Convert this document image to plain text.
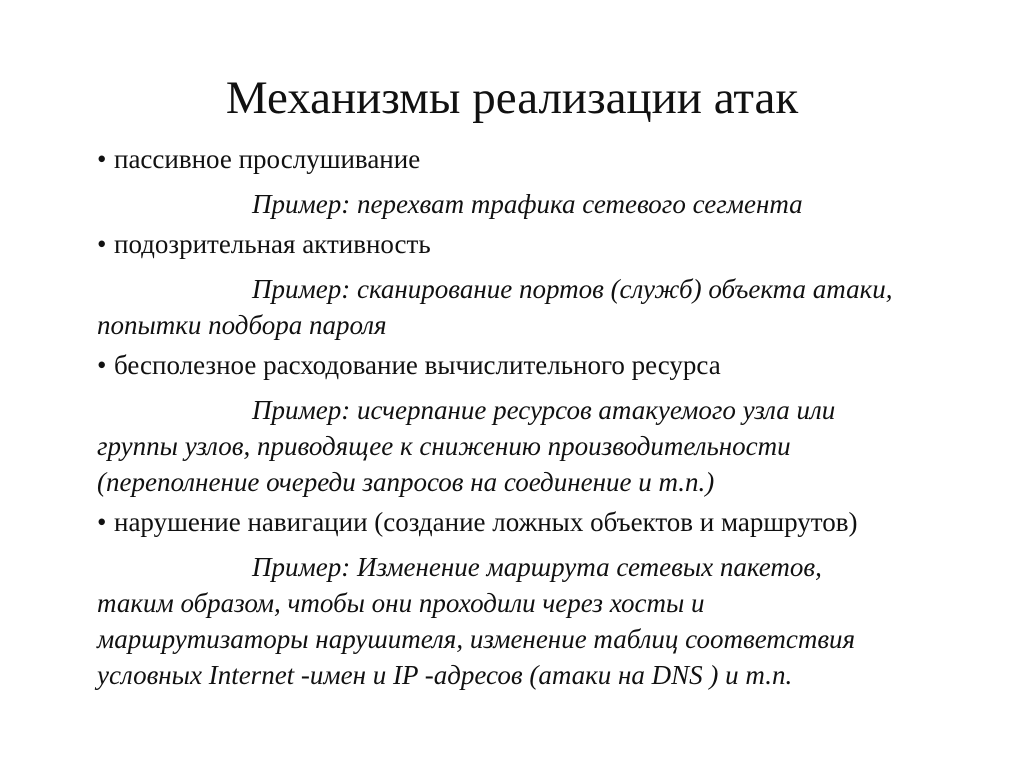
Механизмы реализации атак
• пассивное прослушивание
Пример: перехват трафика сетевого сегмента
• подозрительная активность
Пример: сканирование портов (служб) объекта атаки,
попытки подбора пароля
• бесполезное расходование вычислительного ресурса
Пример: исчерпание ресурсов атакуемого узла или
группы узлов, приводящее к снижению производительности
(переполнение очереди запросов на соединение и т.п.)
• нарушение навигации (создание ложных объектов и маршрутов)
Пример: Изменение маршрута сетевых пакетов,
таким образом, чтобы они проходили через хосты и
маршрутизаторы нарушителя, изменение таблиц соответствия
условных Internet -имен и IP -адресов (атаки на DNS ) и т.п.
